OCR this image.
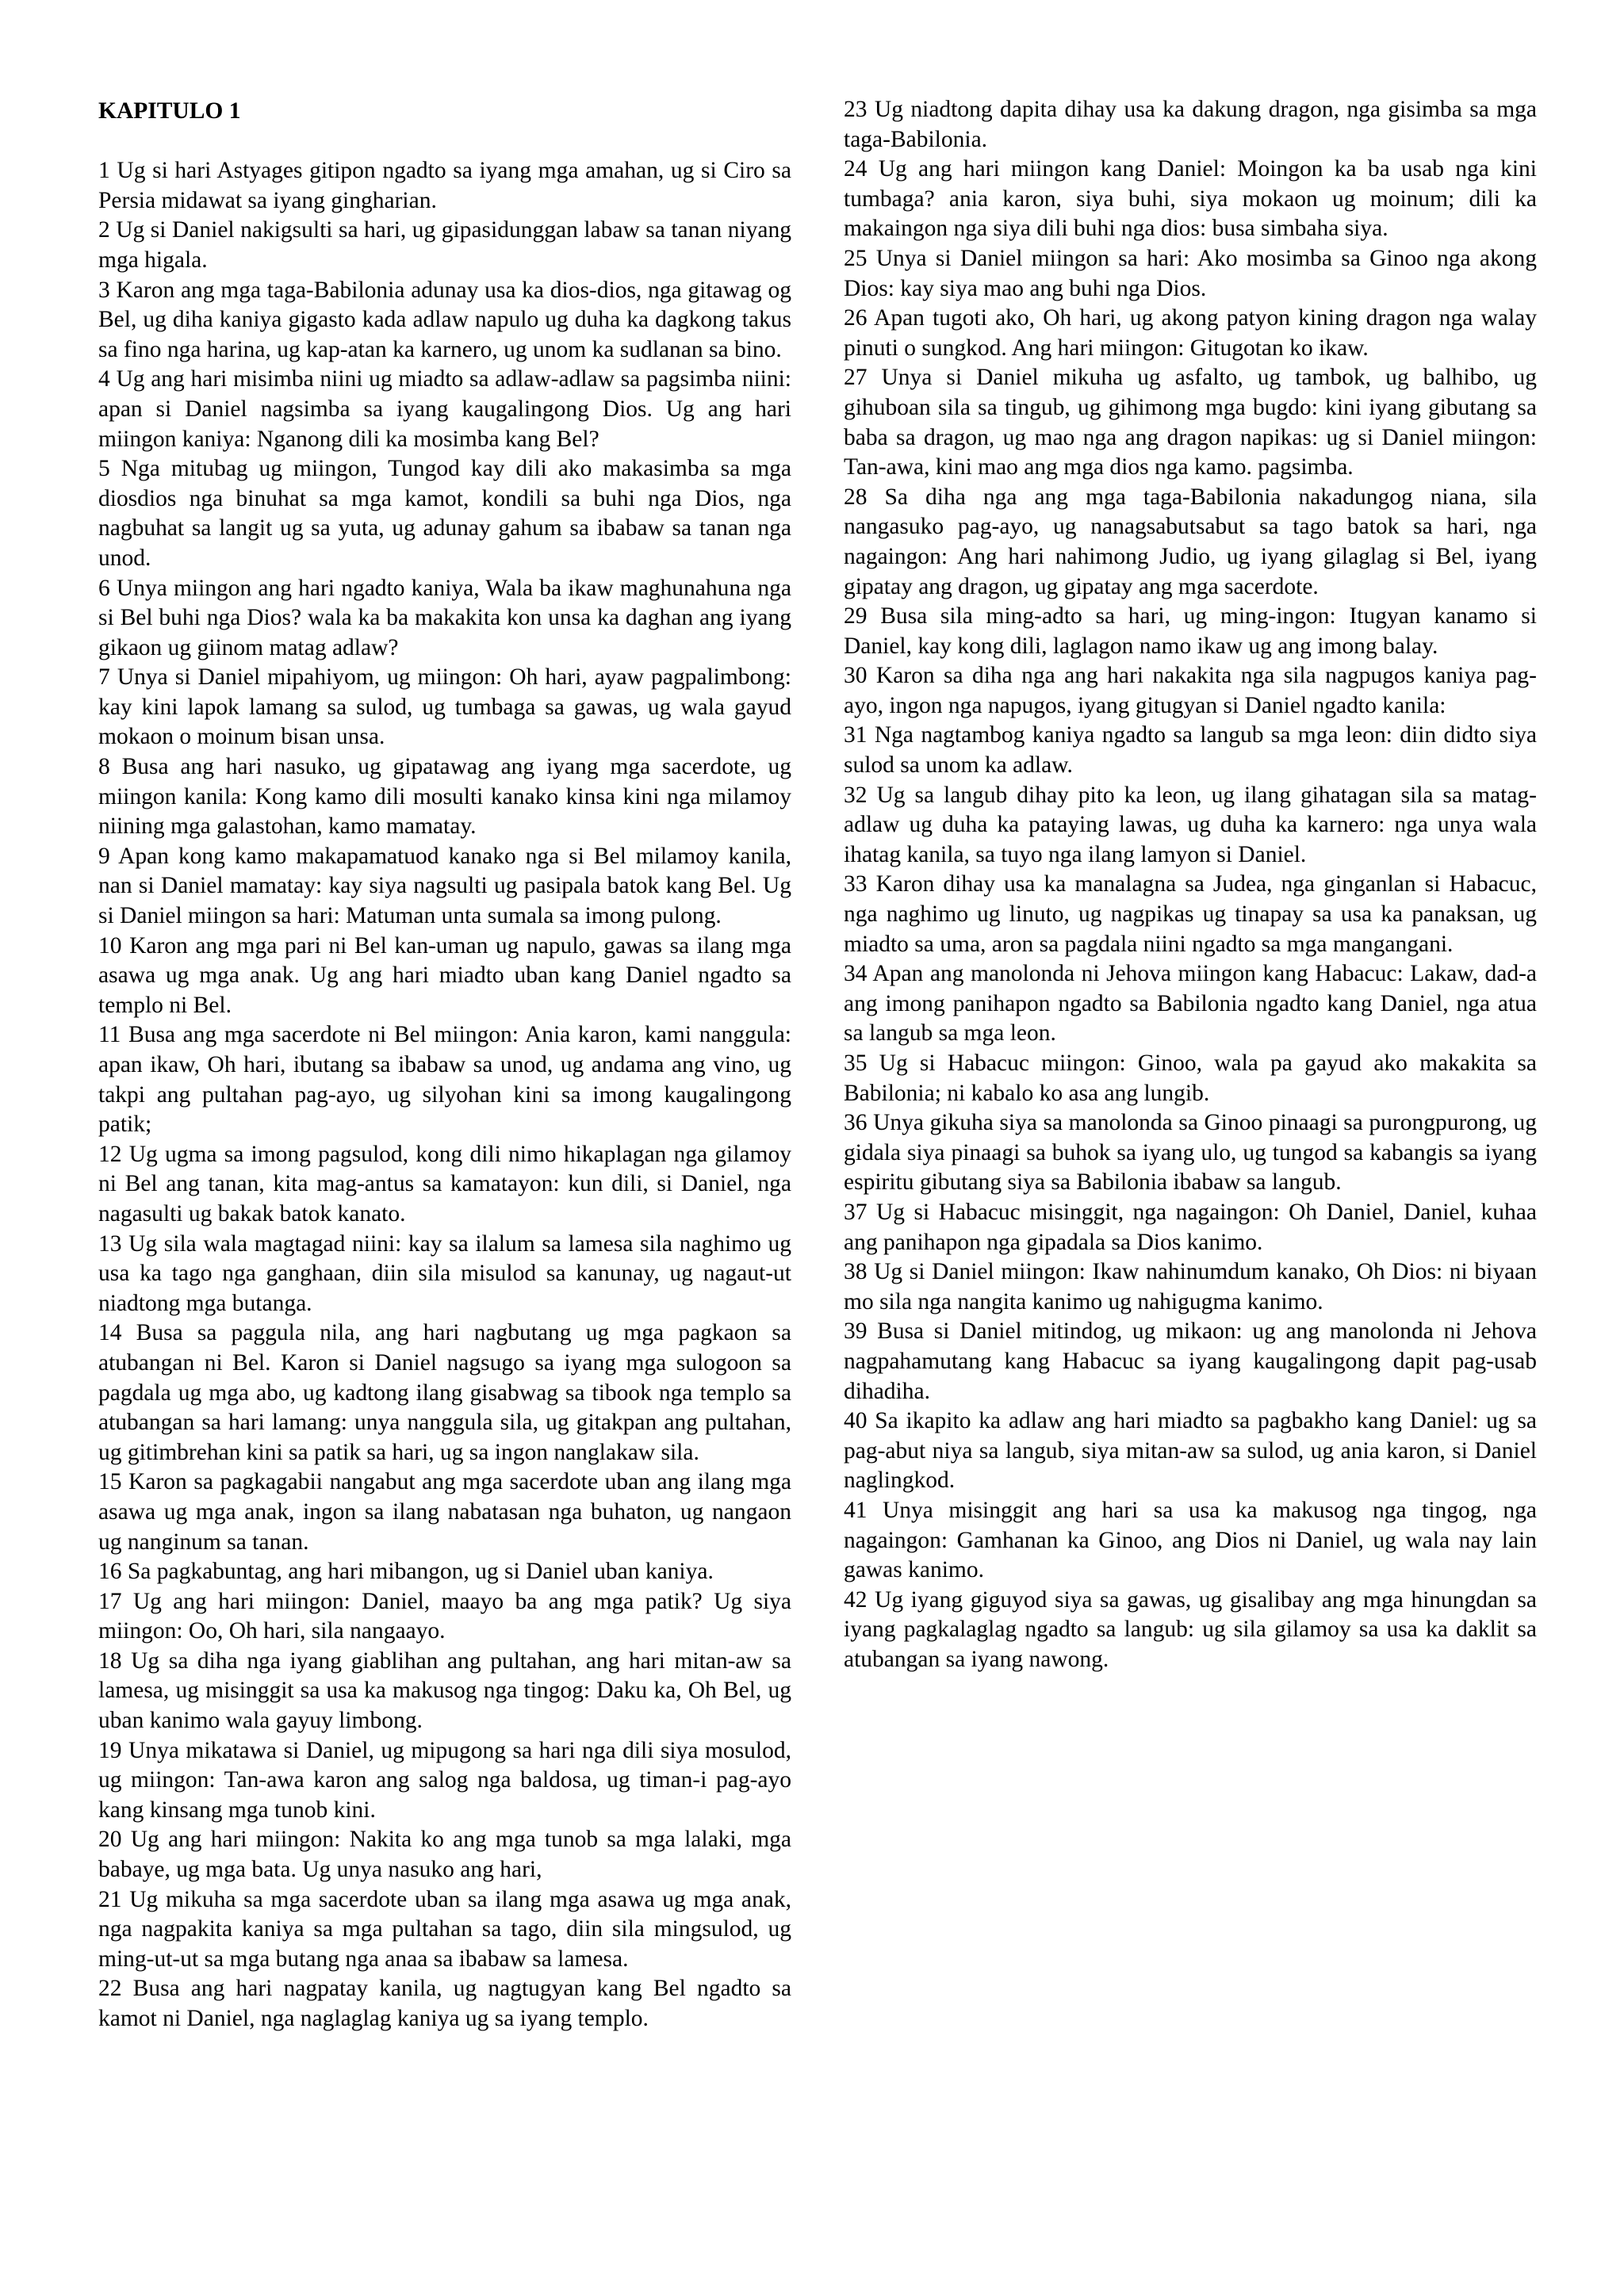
KAPITULO 1

1 Ug si hari Astyages gitipon ngadto sa iyang mga amahan, ug si Ciro sa Persia midawat sa iyang gingharian.

2 Ug si Daniel nakigsulti sa hari, ug gipasidunggan labaw sa tanan niyang mga higala.

3 Karon ang mga taga-Babilonia adunay usa ka dios-dios, nga gitawag og Bel, ug diha kaniya gigasto kada adlaw napulo ug duha ka dagkong takus sa fino nga harina, ug kap-atan ka karnero, ug unom ka sudlanan sa bino.

4 Ug ang hari misimba niini ug miadto sa adlaw-adlaw sa pagsimba niini: apan si Daniel nagsimba sa iyang kaugalingong Dios. Ug ang hari miingon kaniya: Nganong dili ka mosimba kang Bel?

5 Nga mitubag ug miingon, Tungod kay dili ako makasimba sa mga diosdios nga binuhat sa mga kamot, kondili sa buhi nga Dios, nga nagbuhat sa langit ug sa yuta, ug adunay gahum sa ibabaw sa tanan nga unod.

6 Unya miingon ang hari ngadto kaniya, Wala ba ikaw maghunahuna nga si Bel buhi nga Dios? wala ka ba makakita kon unsa ka daghan ang iyang gikaon ug giinom matag adlaw?

7 Unya si Daniel mipahiyom, ug miingon: Oh hari, ayaw pagpalimbong: kay kini lapok lamang sa sulod, ug tumbaga sa gawas, ug wala gayud mokaon o moinum bisan unsa.

8 Busa ang hari nasuko, ug gipatawag ang iyang mga sacerdote, ug miingon kanila: Kong kamo dili mosulti kanako kinsa kini nga milamoy niining mga galastohan, kamo mamatay.

9 Apan kong kamo makapamatuod kanako nga si Bel milamoy kanila, nan si Daniel mamatay: kay siya nagsulti ug pasipala batok kang Bel. Ug si Daniel miingon sa hari: Matuman unta sumala sa imong pulong.

10 Karon ang mga pari ni Bel kan-uman ug napulo, gawas sa ilang mga asawa ug mga anak. Ug ang hari miadto uban kang Daniel ngadto sa templo ni Bel.

11 Busa ang mga sacerdote ni Bel miingon: Ania karon, kami nanggula: apan ikaw, Oh hari, ibutang sa ibabaw sa unod, ug andama ang vino, ug takpi ang pultahan pag-ayo, ug silyohan kini sa imong kaugalingong patik;

12 Ug ugma sa imong pagsulod, kong dili nimo hikaplagan nga gilamoy ni Bel ang tanan, kita mag-antus sa kamatayon: kun dili, si Daniel, nga nagasulti ug bakak batok kanato.

13 Ug sila wala magtagad niini: kay sa ilalum sa lamesa sila naghimo ug usa ka tago nga ganghaan, diin sila misulod sa kanunay, ug nagaut-ut niadtong mga butanga.

14 Busa sa paggula nila, ang hari nagbutang ug mga pagkaon sa atubangan ni Bel. Karon si Daniel nagsugo sa iyang mga sulogoon sa pagdala ug mga abo, ug kadtong ilang gisabwag sa tibook nga templo sa atubangan sa hari lamang: unya nanggula sila, ug gitakpan ang pultahan, ug gitimbrehan kini sa patik sa hari, ug sa ingon nanglakaw sila.

15 Karon sa pagkagabii nangabut ang mga sacerdote uban ang ilang mga asawa ug mga anak, ingon sa ilang nabatasan nga buhaton, ug nangaon ug nanginum sa tanan.

16 Sa pagkabuntag, ang hari mibangon, ug si Daniel uban kaniya.

17 Ug ang hari miingon: Daniel, maayo ba ang mga patik? Ug siya miingon: Oo, Oh hari, sila nangaayo.

18 Ug sa diha nga iyang giablihan ang pultahan, ang hari mitan-aw sa lamesa, ug misinggit sa usa ka makusog nga tingog: Daku ka, Oh Bel, ug uban kanimo wala gayuy limbong.

19 Unya mikatawa si Daniel, ug mipugong sa hari nga dili siya mosulod, ug miingon: Tan-awa karon ang salog nga baldosa, ug timan-i pag-ayo kang kinsang mga tunob kini.

20 Ug ang hari miingon: Nakita ko ang mga tunob sa mga lalaki, mga babaye, ug mga bata. Ug unya nasuko ang hari,

21 Ug mikuha sa mga sacerdote uban sa ilang mga asawa ug mga anak, nga nagpakita kaniya sa mga pultahan sa tago, diin sila mingsulod, ug ming-ut-ut sa mga butang nga anaa sa ibabaw sa lamesa.

22 Busa ang hari nagpatay kanila, ug nagtugyan kang Bel ngadto sa kamot ni Daniel, nga naglaglag kaniya ug sa iyang templo.

23 Ug niadtong dapita dihay usa ka dakung dragon, nga gisimba sa mga taga-Babilonia.

24 Ug ang hari miingon kang Daniel: Moingon ka ba usab nga kini tumbaga? ania karon, siya buhi, siya mokaon ug moinum; dili ka makaingon nga siya dili buhi nga dios: busa simbaha siya.

25 Unya si Daniel miingon sa hari: Ako mosimba sa Ginoo nga akong Dios: kay siya mao ang buhi nga Dios.

26 Apan tugoti ako, Oh hari, ug akong patyon kining dragon nga walay pinuti o sungkod. Ang hari miingon: Gitugotan ko ikaw.

27 Unya si Daniel mikuha ug asfalto, ug tambok, ug balhibo, ug gihuboan sila sa tingub, ug gihimong mga bugdo: kini iyang gibutang sa baba sa dragon, ug mao nga ang dragon napikas: ug si Daniel miingon: Tan-awa, kini mao ang mga dios nga kamo. pagsimba.

28 Sa diha nga ang mga taga-Babilonia nakadungog niana, sila nangasuko pag-ayo, ug nanagsabutsabut sa tago batok sa hari, nga nagaingon: Ang hari nahimong Judio, ug iyang gilaglag si Bel, iyang gipatay ang dragon, ug gipatay ang mga sacerdote.

29 Busa sila ming-adto sa hari, ug ming-ingon: Itugyan kanamo si Daniel, kay kong dili, laglagon namo ikaw ug ang imong balay.

30 Karon sa diha nga ang hari nakakita nga sila nagpugos kaniya pag-ayo, ingon nga napugos, iyang gitugyan si Daniel ngadto kanila:

31 Nga nagtambog kaniya ngadto sa langub sa mga leon: diin didto siya sulod sa unom ka adlaw.

32 Ug sa langub dihay pito ka leon, ug ilang gihatagan sila sa matag-adlaw ug duha ka pataying lawas, ug duha ka karnero: nga unya wala ihatag kanila, sa tuyo nga ilang lamyon si Daniel.

33 Karon dihay usa ka manalagna sa Judea, nga ginganlan si Habacuc, nga naghimo ug linuto, ug nagpikas ug tinapay sa usa ka panaksan, ug miadto sa uma, aron sa pagdala niini ngadto sa mga mangangani.

34 Apan ang manolonda ni Jehova miingon kang Habacuc: Lakaw, dad-a ang imong panihapon ngadto sa Babilonia ngadto kang Daniel, nga atua sa langub sa mga leon.

35 Ug si Habacuc miingon: Ginoo, wala pa gayud ako makakita sa Babilonia; ni kabalo ko asa ang lungib.

36 Unya gikuha siya sa manolonda sa Ginoo pinaagi sa purongpurong, ug gidala siya pinaagi sa buhok sa iyang ulo, ug tungod sa kabangis sa iyang espiritu gibutang siya sa Babilonia ibabaw sa langub.

37 Ug si Habacuc misinggit, nga nagaingon: Oh Daniel, Daniel, kuhaa ang panihapon nga gipadala sa Dios kanimo.

38 Ug si Daniel miingon: Ikaw nahinumdum kanako, Oh Dios: ni biyaan mo sila nga nangita kanimo ug nahigugma kanimo.

39 Busa si Daniel mitindog, ug mikaon: ug ang manolonda ni Jehova nagpahamutang kang Habacuc sa iyang kaugalingong dapit pag-usab dihadiha.

40 Sa ikapito ka adlaw ang hari miadto sa pagbakho kang Daniel: ug sa pag-abut niya sa langub, siya mitan-aw sa sulod, ug ania karon, si Daniel naglingkod.

41 Unya misinggit ang hari sa usa ka makusog nga tingog, nga nagaingon: Gamhanan ka Ginoo, ang Dios ni Daniel, ug wala nay lain gawas kanimo.

42 Ug iyang giguyod siya sa gawas, ug gisalibay ang mga hinungdan sa iyang pagkalaglag ngadto sa langub: ug sila gilamoy sa usa ka daklit sa atubangan sa iyang nawong.
